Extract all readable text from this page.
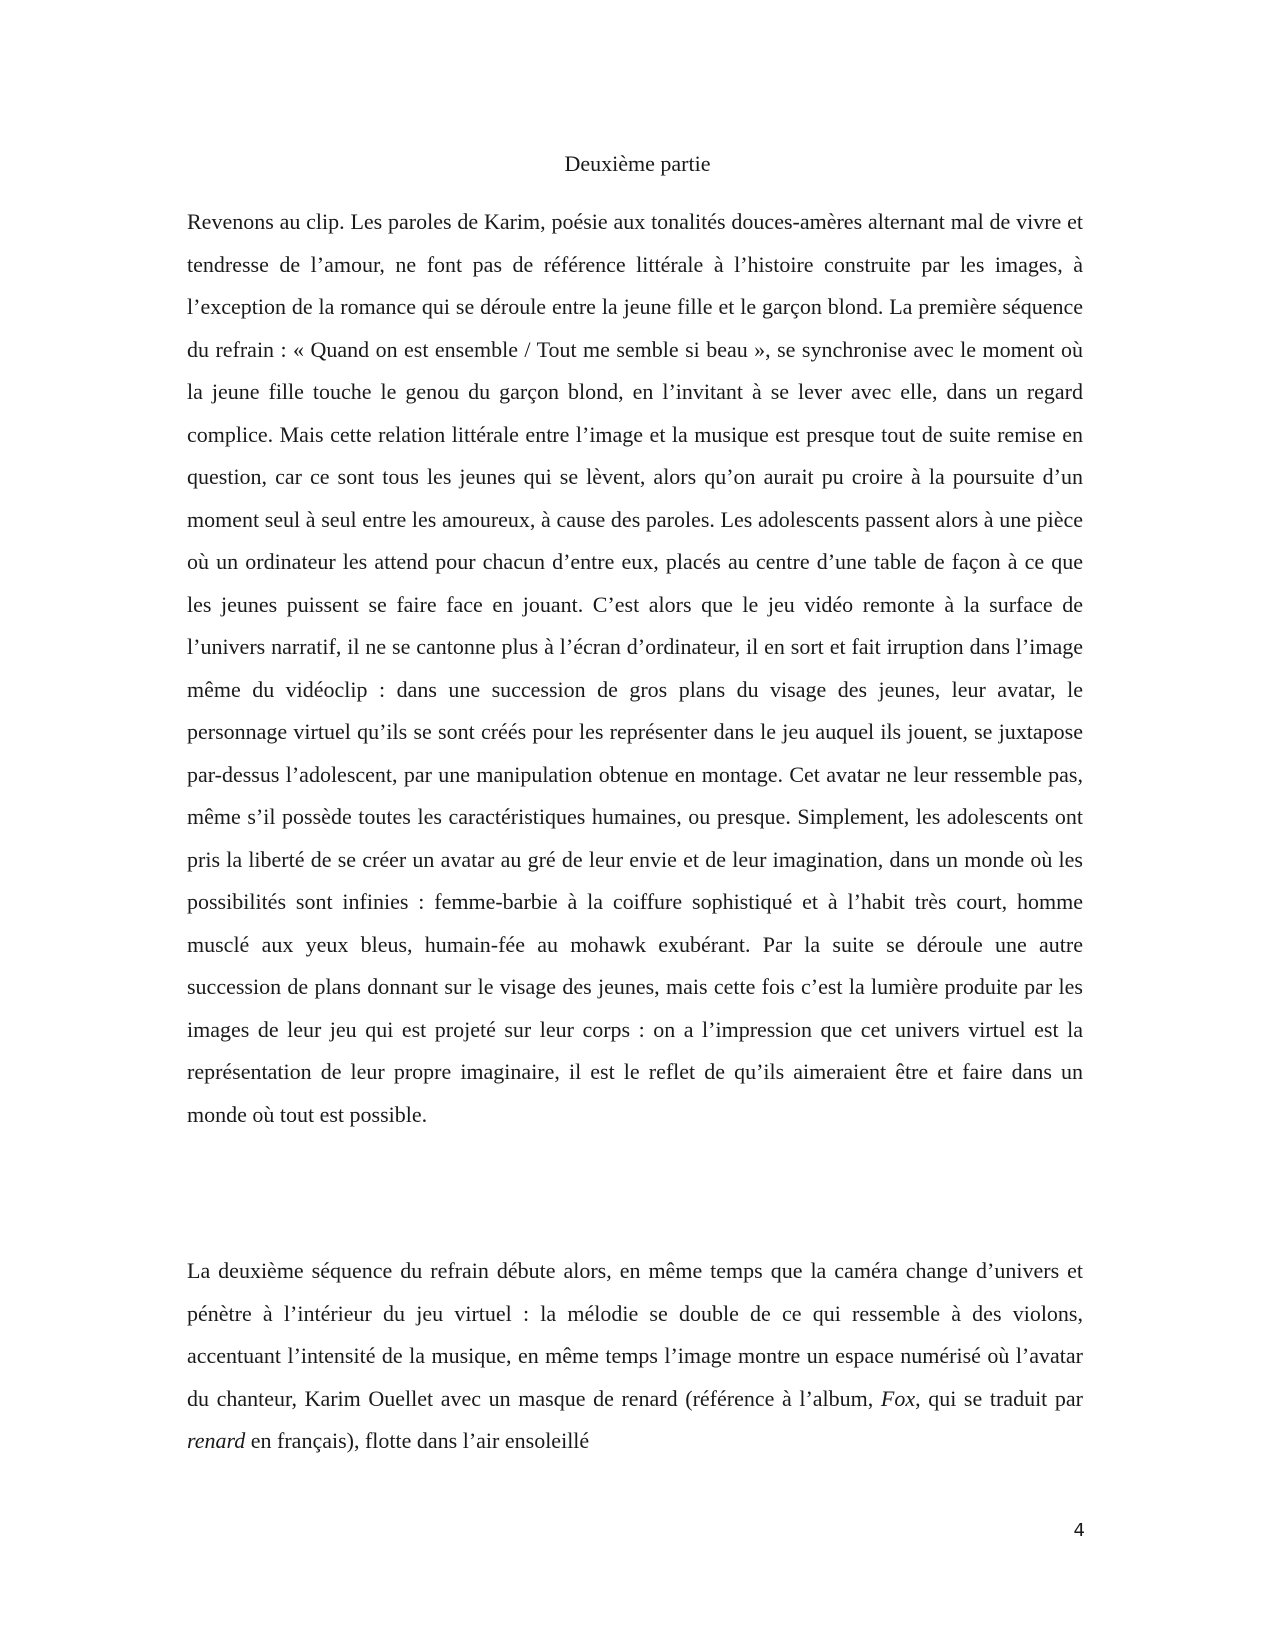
Deuxième partie

Revenons au clip. Les paroles de Karim, poésie aux tonalités douces-amères alternant mal de vivre et tendresse de l’amour, ne font pas de référence littérale à l’histoire construite par les images, à l’exception de la romance qui se déroule entre la jeune fille et le garçon blond. La première séquence du refrain : « Quand on est ensemble / Tout me semble si beau », se synchronise avec le moment où la jeune fille touche le genou du garçon blond, en l’invitant à se lever avec elle, dans un regard complice. Mais cette relation littérale entre l’image et la musique est presque tout de suite remise en question, car ce sont tous les jeunes qui se lèvent, alors qu’on aurait pu croire à la poursuite d’un moment seul à seul entre les amoureux, à cause des paroles. Les adolescents passent alors à une pièce où un ordinateur les attend pour chacun d’entre eux, placés au centre d’une table de façon à ce que les jeunes puissent se faire face en jouant. C’est alors que le jeu vidéo remonte à la surface de l’univers narratif, il ne se cantonne plus à l’écran d’ordinateur, il en sort et fait irruption dans l’image même du vidéoclip : dans une succession de gros plans du visage des jeunes, leur avatar, le personnage virtuel qu’ils se sont créés pour les représenter dans le jeu auquel ils jouent, se juxtapose par-dessus l’adolescent, par une manipulation obtenue en montage. Cet avatar ne leur ressemble pas, même s’il possède toutes les caractéristiques humaines, ou presque. Simplement, les adolescents ont pris la liberté de se créer un avatar au gré de leur envie et de leur imagination, dans un monde où les possibilités sont infinies : femme-barbie à la coiffure sophistiqué et à l’habit très court, homme musclé aux yeux bleus, humain-fée au mohawk exubérant. Par la suite se déroule une autre succession de plans donnant sur le visage des jeunes, mais cette fois c’est la lumière produite par les images de leur jeu qui est projeté sur leur corps : on a l’impression que cet univers virtuel est la représentation de leur propre imaginaire, il est le reflet de qu’ils aimeraient être et faire dans un monde où tout est possible.

La deuxième séquence du refrain débute alors, en même temps que la caméra change d’univers et pénètre à l’intérieur du jeu virtuel : la mélodie se double de ce qui ressemble à des violons, accentuant l’intensité de la musique, en même temps l’image montre un espace numérisé où l’avatar du chanteur, Karim Ouellet avec un masque de renard (référence à l’album, Fox, qui se traduit par renard en français), flotte dans l’air ensoleillé

4
